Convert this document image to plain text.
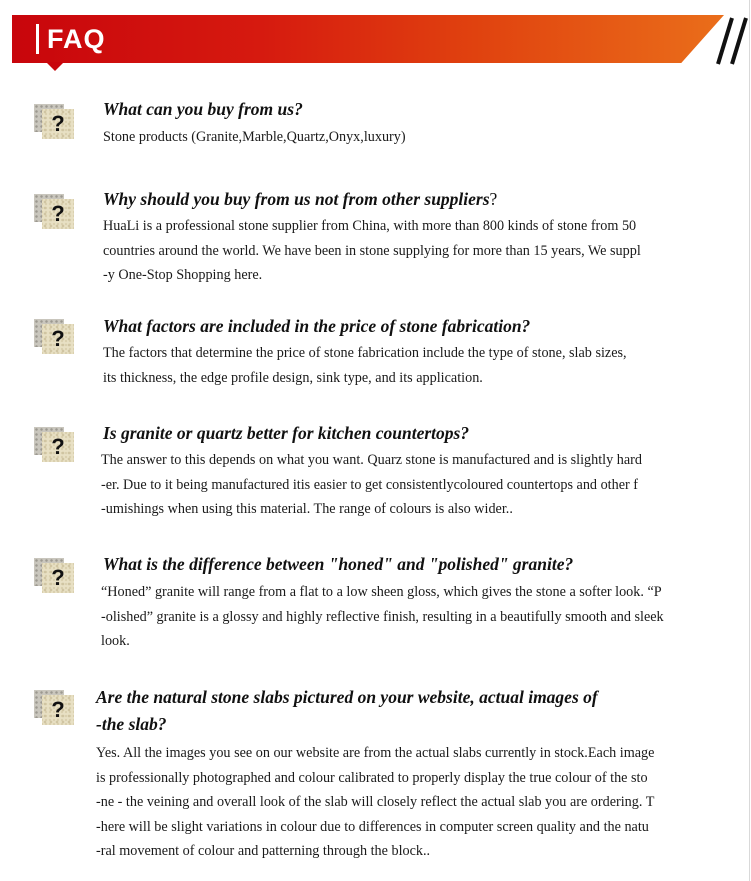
FAQ
?
What can you buy from us?
Stone products (Granite,Marble,Quartz,Onyx,luxury)
?
Why should you buy from us not from other suppliers?
HuaLi is a professional stone supplier from China, with more than 800 kinds of stone from 50
countries around the world. We have been in stone supplying for more than 15 years, We suppl
-y One-Stop Shopping here.
?	What factors are included in the price of stone fabrication?
The factors that determine the price of stone fabrication include the type of stone, slab sizes,
its thickness, the edge profile design, sink type, and its application.
?
Is granite or quartz better for kitchen countertops?
The answer to this depends on what you want. Quarz stone is manufactured and is slightly hard
-er. Due to it being manufactured itis easier to get consistentlycoloured countertops and other f
-umishings when using this material. The range of colours is also wider..
?
What is the difference between "honed" and "polished" granite?
“Honed” granite will range from a flat to a low sheen gloss, which gives the stone a softer look. “P
-olished” granite is a glossy and highly reflective finish, resulting in a beautifully smooth and sleek
look.
?	Are the natural stone slabs pictured on your website, actual images of
-the slab?
Yes. All the images you see on our website are from the actual slabs currently in stock.Each image
is professionally photographed and colour calibrated to properly display the true colour of the sto
-ne - the veining and overall look of the slab will closely reflect the actual slab you are ordering. T
-here will be slight variations in colour due to differences in computer screen quality and the natu
-ral movement of colour and patterning through the block..
